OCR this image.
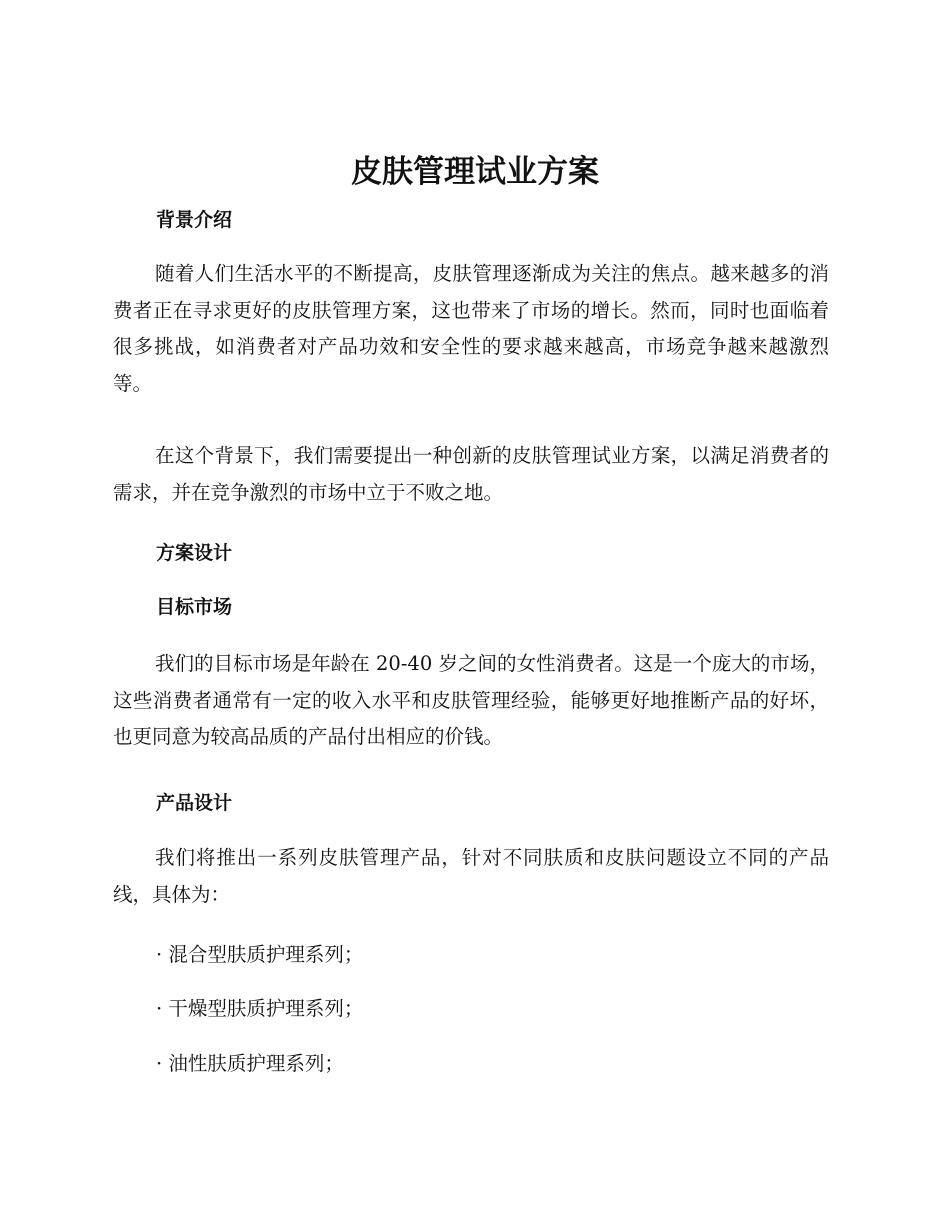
皮肤管理试业方案
背景介绍

随着人们生活水平的不断提高，皮肤管理逐渐成为关注的焦点。越来越多的消费者正在寻求更好的皮肤管理方案，这也带来了市场的增长。然而，同时也面临着很多挑战，如消费者对产品功效和安全性的要求越来越高，市场竞争越来越激烈等。

在这个背景下，我们需要提出一种创新的皮肤管理试业方案，以满足消费者的需求，并在竞争激烈的市场中立于不败之地。

方案设计
目标市场

我们的目标市场是年龄在 20-40 岁之间的女性消费者。这是一个庞大的市场，这些消费者通常有一定的收入水平和皮肤管理经验，能够更好地推断产品的好坏，也更同意为较高品质的产品付出相应的价钱。

产品设计

我们将推出一系列皮肤管理产品，针对不同肤质和皮肤问题设立不同的产品线，具体为：

· 混合型肤质护理系列；

· 干燥型肤质护理系列；

· 油性肤质护理系列；
